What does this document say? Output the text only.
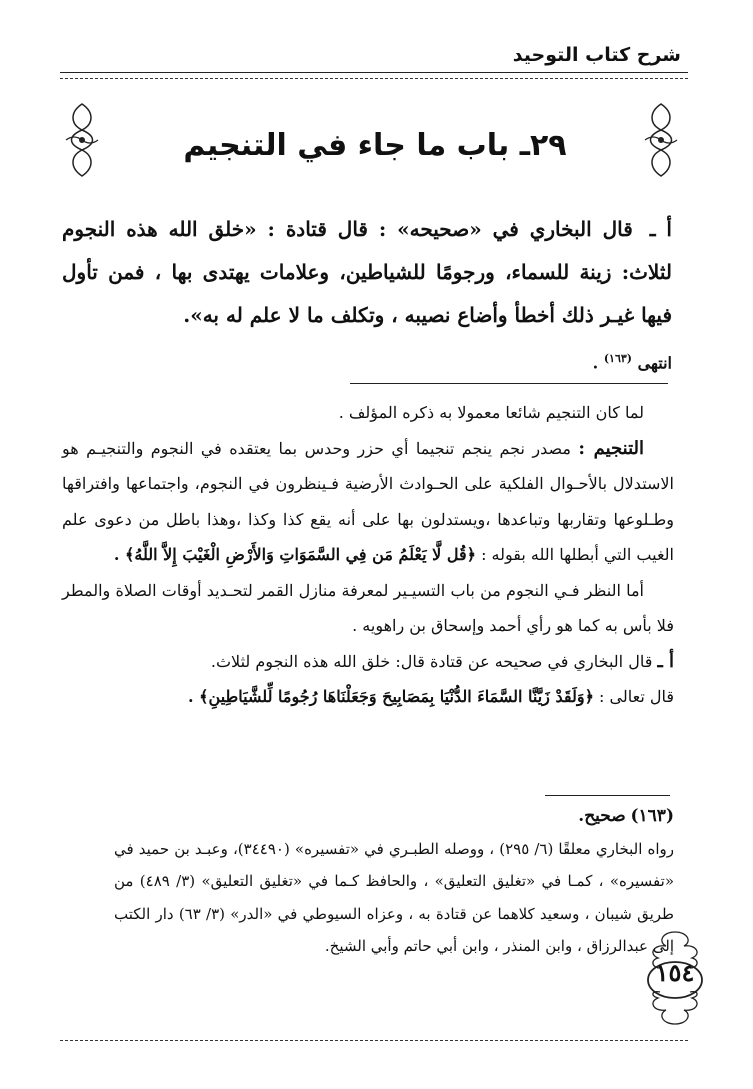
شرح كتاب التوحيد
٢٩ـ باب ما جاء في التنجيم
أ ـ قال البخاري في «صحيحه» : قال قتادة : «خلق الله هذه النجوم لثلاث: زينة للسماء، ورجومًا للشياطين، وعلامات يهتدى بها ، فمن تأول فيها غيـر ذلك أخطأ وأضاع نصيبه ، وتكلف ما لا علم له به».
انتهى $^{(١٦٣)}$ .

لما كان التنجيم شائعا معمولا به ذكره المؤلف .

التنجيم : مصدر نجم ينجم تنجيما أي حزر وحدس بما يعتقده في النجوم والتنجيـم هو الاستدلال بالأحـوال الفلكية على الحـوادث الأرضية فـينظرون في النجوم، واجتماعها وافتراقها وطـلوعها وتقاربها وتباعدها ،ويستدلون بها على أنه يقع كذا وكذا ،وهذا باطل من دعوى علم الغيب التي أبطلها الله بقوله : ﴿قُل لَّا يَعْلَمُ مَن فِي السَّمَوَاتِ وَالأَرْضِ الْغَيْبَ إِلاَّ اللَّهُ﴾ .

أما النظر فـي النجوم من باب التسيـير لمعرفة منازل القمر لتحـديد أوقات الصلاة والمطر فلا بأس به كما هو رأي أحمد وإسحاق بن راهويه .

أ ـ قال البخاري في صحيحه عن قتادة قال: خلق الله هذه النجوم لثلاث.

قال تعالى : ﴿وَلَقَدْ زَيَّنَّا السَّمَاءَ الدُّنْيَا بِمَصَابِيحَ وَجَعَلْنَاهَا رُجُومًا لِّلشَّيَاطِينِ﴾ .

(١٦٣) صحيح.

رواه البخاري معلقًا (٦/ ٢٩٥) ، ووصله الطبـري في «تفسيره» (٣٤٤٩٠)، وعبـد بن حميد في «تفسيره» ، كمـا في «تغليق التعليق» ، والحافظ كـما في «تغليق التعليق» (٣/ ٤٨٩) من طريق شيبان ، وسعيد كلاهما عن قتادة به ، وعزاه السيوطي في «الدر» (٣/ ٦٣) دار الكتب إلى عبدالرزاق ، وابن المنذر ، وابن أبي حاتم وأبي الشيخ.

١٥٤
